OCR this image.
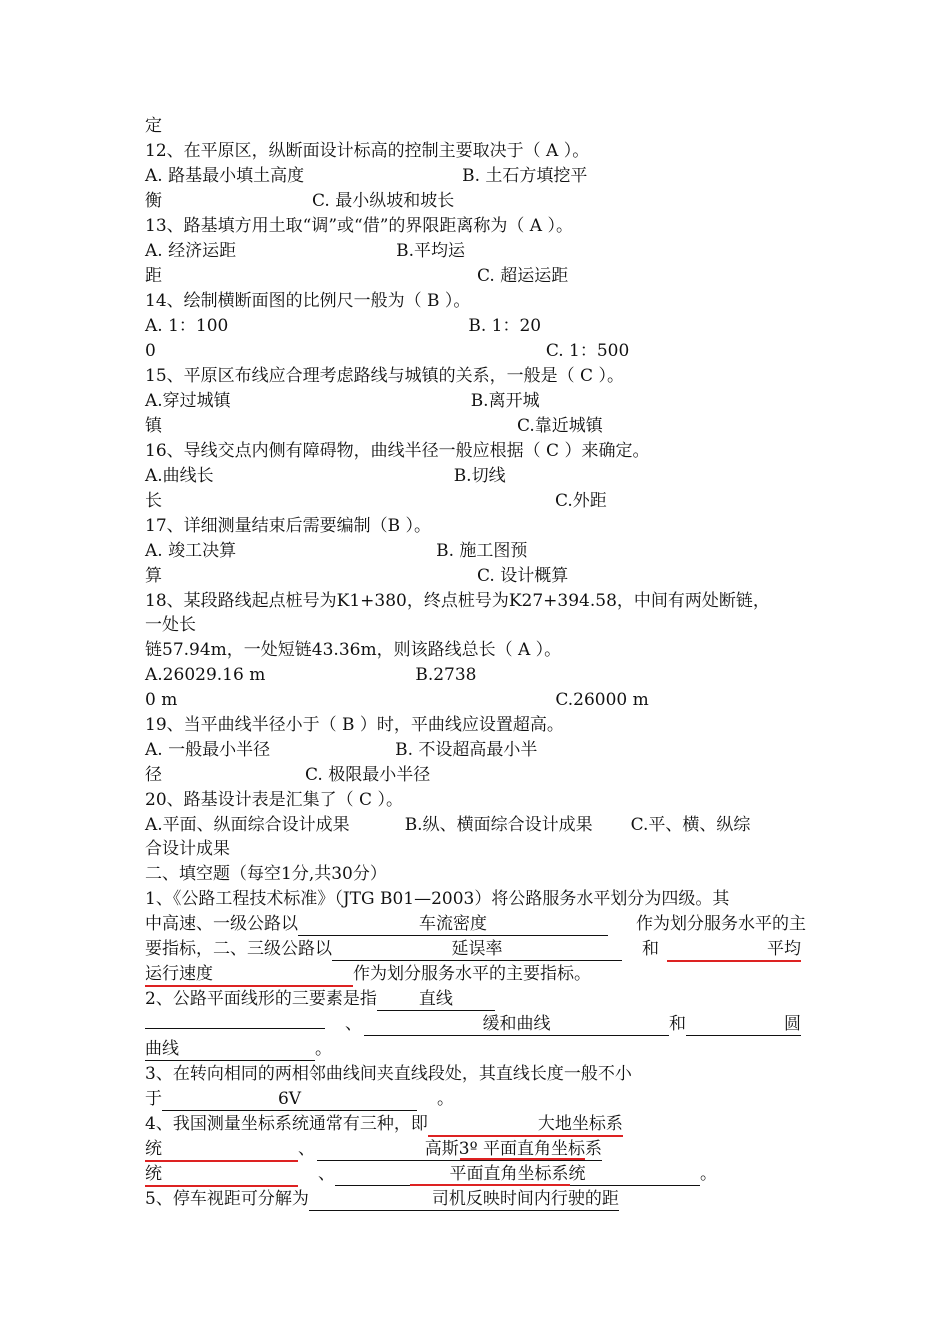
定
12、在平原区，纵断面设计标高的控制主要取决于（ A ）。
A. 路基最小填土高度	B. 土石方填挖平
衡	C. 最小纵坡和坡长
13、路基填方用土取“调”或“借”的界限距离称为（ A ）。
A. 经济运距	B.平均运
距	C. 超运运距
14、绘制横断面图的比例尺一般为（ B ）。
A. 1：100	B. 1：20
0	C. 1：500
15、平原区布线应合理考虑路线与城镇的关系，一般是（ C ）。
A.穿过城镇	B.离开城
镇	C.靠近城镇
16、导线交点内侧有障碍物，曲线半径一般应根据（ C ）来确定。
A.曲线长	B.切线
长	C.外距
17、详细测量结束后需要编制（B ）。
A. 竣工决算	B. 施工图预
算	C. 设计概算
18、某段路线起点桩号为K1+380，终点桩号为K27+394.58，中间有两处断链，
一处长
链57.94m，一处短链43.36m，则该路线总长（ A ）。
A.26029.16 m	B.2738
0 m	C.26000 m
19、当平曲线半径小于（ B ）时，平曲线应设置超高。
A. 一般最小半径	B. 不设超高最小半
径	C. 极限最小半径
20、路基设计表是汇集了（ C ）。
A.平面、纵面综合设计成果	B.纵、横面综合设计成果 C.平、横、纵综
合设计成果
二、填空题（每空1分,共30分）
1、《公路工程技术标准》（JTG B01—2003）将公路服务水平划分为四级。其
中高速、一级公路以	车流密度	作为划分服务水平的主
要指标，二、三级公路以	延误率	和	平均
运行速度	作为划分服务水平的主要指标。
2、公路平面线形的三要素是指 直线
、	缓和曲线	和	圆
曲线	。
3、在转向相同的两相邻曲线间夹直线段处，其直线长度一般不小
于	6V	。
4、我国测量坐标系统通常有三种，即	大地坐标系
统	、	高斯3º 平面直角坐标系
统	、	平面直角坐标系统	。
5、停车视距可分解为	司机反映时间内行驶的距
